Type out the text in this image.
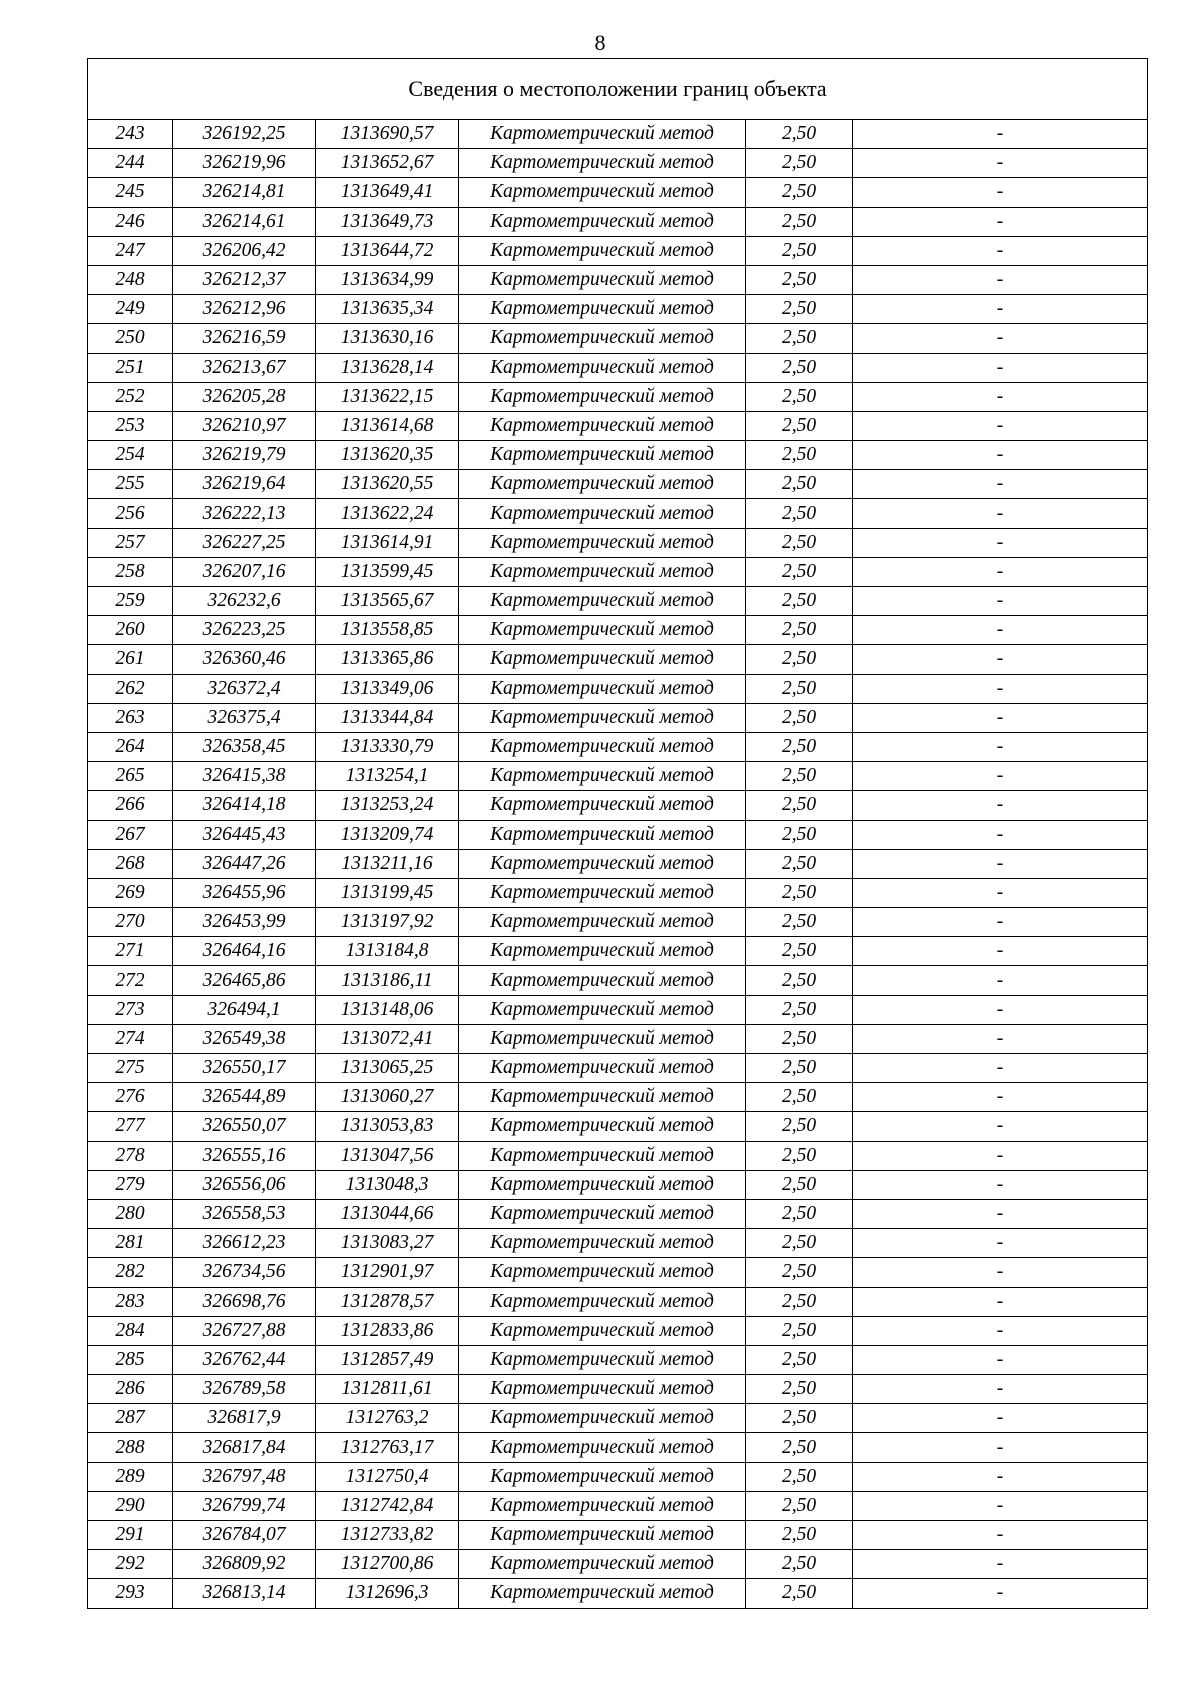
8
Сведения о местоположении границ объекта					
243	326192,25	1313690,57	Картометрический метод	2,50	-
244	326219,96	1313652,67	Картометрический метод	2,50	-
245	326214,81	1313649,41	Картометрический метод	2,50	-
246	326214,61	1313649,73	Картометрический метод	2,50	-
247	326206,42	1313644,72	Картометрический метод	2,50	-
248	326212,37	1313634,99	Картометрический метод	2,50	-
249	326212,96	1313635,34	Картометрический метод	2,50	-
250	326216,59	1313630,16	Картометрический метод	2,50	-
251	326213,67	1313628,14	Картометрический метод	2,50	-
252	326205,28	1313622,15	Картометрический метод	2,50	-
253	326210,97	1313614,68	Картометрический метод	2,50	-
254	326219,79	1313620,35	Картометрический метод	2,50	-
255	326219,64	1313620,55	Картометрический метод	2,50	-
256	326222,13	1313622,24	Картометрический метод	2,50	-
257	326227,25	1313614,91	Картометрический метод	2,50	-
258	326207,16	1313599,45	Картометрический метод	2,50	-
259	326232,6	1313565,67	Картометрический метод	2,50	-
260	326223,25	1313558,85	Картометрический метод	2,50	-
261	326360,46	1313365,86	Картометрический метод	2,50	-
262	326372,4	1313349,06	Картометрический метод	2,50	-
263	326375,4	1313344,84	Картометрический метод	2,50	-
264	326358,45	1313330,79	Картометрический метод	2,50	-
265	326415,38	1313254,1	Картометрический метод	2,50	-
266	326414,18	1313253,24	Картометрический метод	2,50	-
267	326445,43	1313209,74	Картометрический метод	2,50	-
268	326447,26	1313211,16	Картометрический метод	2,50	-
269	326455,96	1313199,45	Картометрический метод	2,50	-
270	326453,99	1313197,92	Картометрический метод	2,50	-
271	326464,16	1313184,8	Картометрический метод	2,50	-
272	326465,86	1313186,11	Картометрический метод	2,50	-
273	326494,1	1313148,06	Картометрический метод	2,50	-
274	326549,38	1313072,41	Картометрический метод	2,50	-
275	326550,17	1313065,25	Картометрический метод	2,50	-
276	326544,89	1313060,27	Картометрический метод	2,50	-
277	326550,07	1313053,83	Картометрический метод	2,50	-
278	326555,16	1313047,56	Картометрический метод	2,50	-
279	326556,06	1313048,3	Картометрический метод	2,50	-
280	326558,53	1313044,66	Картометрический метод	2,50	-
281	326612,23	1313083,27	Картометрический метод	2,50	-
282	326734,56	1312901,97	Картометрический метод	2,50	-
283	326698,76	1312878,57	Картометрический метод	2,50	-
284	326727,88	1312833,86	Картометрический метод	2,50	-
285	326762,44	1312857,49	Картометрический метод	2,50	-
286	326789,58	1312811,61	Картометрический метод	2,50	-
287	326817,9	1312763,2	Картометрический метод	2,50	-
288	326817,84	1312763,17	Картометрический метод	2,50	-
289	326797,48	1312750,4	Картометрический метод	2,50	-
290	326799,74	1312742,84	Картометрический метод	2,50	-
291	326784,07	1312733,82	Картометрический метод	2,50	-
292	326809,92	1312700,86	Картометрический метод	2,50	-
293	326813,14	1312696,3	Картометрический метод	2,50	-
